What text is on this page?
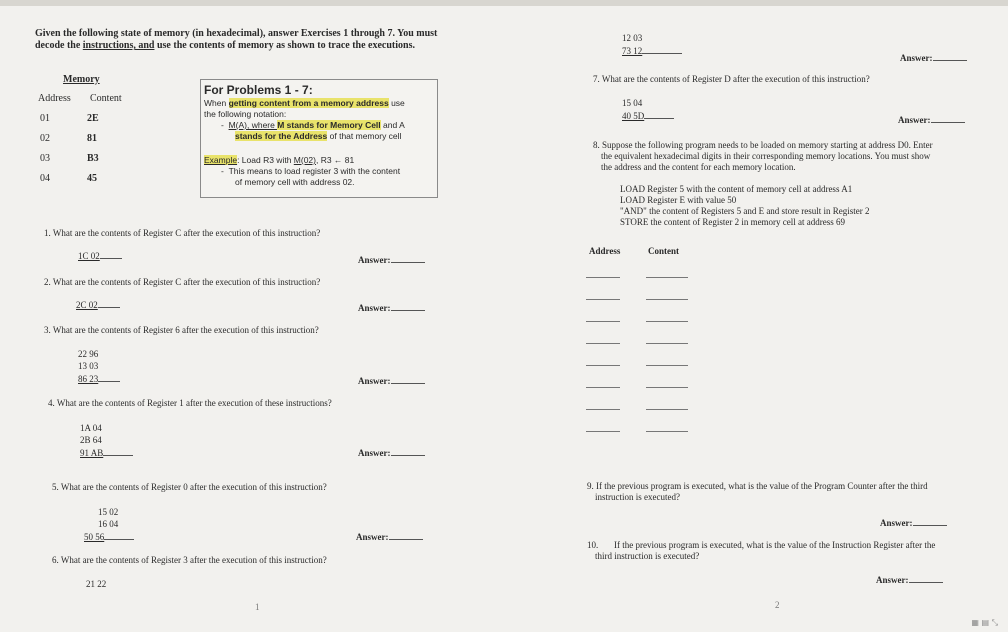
Given the following state of memory (in hexadecimal), answer Exercises 1 through 7. You must decode the instructions, and use the contents of memory as shown to trace the executions.
Memory
Address Content
01	2E
02	81
03	B3
04	45
For Problems 1 - 7:
When getting content from a memory address use
the following notation:
-  M(A), where M stands for Memory Cell and A
stands for the Address of that memory cell
Example: Load R3 with M(02), R3 ← 81
-  This means to load register 3 with the content
of memory cell with address 02.
1. What are the contents of Register C after the execution of this instruction?
1C 02	Answer:
2. What are the contents of Register C after the execution of this instruction?
2C 02	Answer:
3. What are the contents of Register 6 after the execution of this instruction?
22 96
13 03
86 23	Answer:
4. What are the contents of Register 1 after the execution of these instructions?
1A 04
2B 64
91 AB	Answer:
5. What are the contents of Register 0 after the execution of this instruction?
15 02
16 04
50 56	Answer:
6. What are the contents of Register 3 after the execution of this instruction?
21 22
1
12 03
73 12
Answer:
7. What are the contents of Register D after the execution of this instruction?
15 04
40 5D	Answer:
8. Suppose the following program needs to be loaded on memory starting at address D0. Enter
the equivalent hexadecimal digits in their corresponding memory locations. You must show
the address and the content for each memory location.
LOAD Register 5 with the content of memory cell at address A1
LOAD Register E with value 50
"AND" the content of Registers 5 and E and store result in Register 2
STORE the content of Register 2 in memory cell at address 69
Address	Content
9. If the previous program is executed, what is the value of the Program Counter after the third
instruction is executed?
Answer:
10. If the previous program is executed, what is the value of the Instruction Register after the
third instruction is executed?
Answer:
2
▦ ▤ ⤡
